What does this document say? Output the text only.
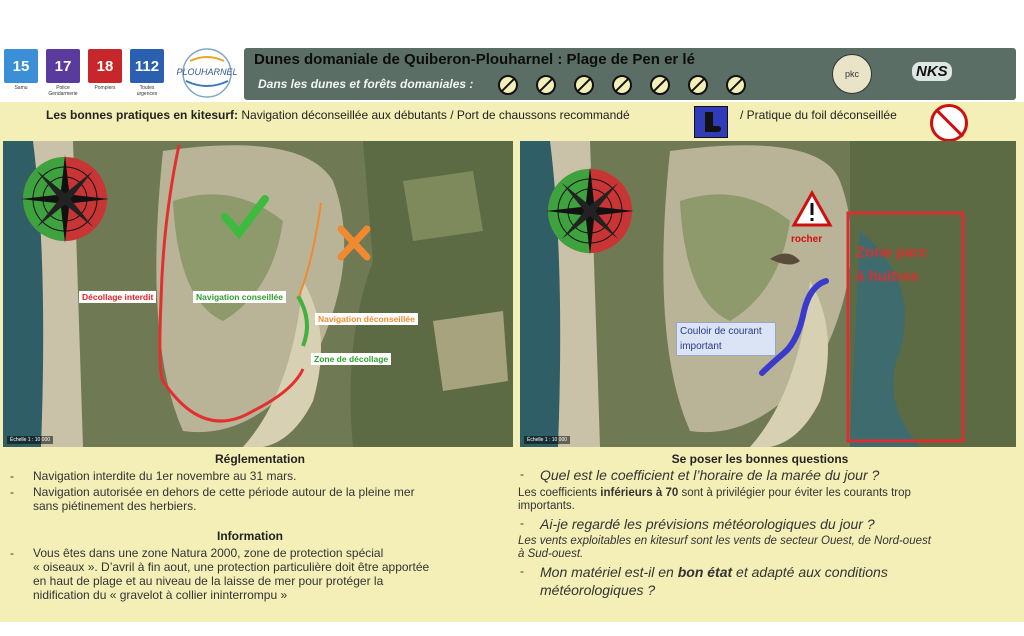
15
Samu
17
Police Gendarmerie
18
Pompiers
112
Toutes urgences
PLOUHARNEL
Dunes domaniale de Quiberon-Plouharnel : Plage de Pen er lé
Dans les dunes et forêts domaniales :
pkc	NKS
Les bonnes pratiques en kitesurf: Navigation déconseillée aux débutants / Port de chaussons recommandé	/ Pratique du foil déconseillée
Décollage interdit	Navigation conseillée
Navigation déconseillée
Zone de décollage
Échelle 1 : 10 000
rocher
Zone parc
à huitres
Couloir de courant
important
Échelle 1 : 10 000
Réglementation
- Navigation interdite du 1er novembre au 31 mars.
- Navigation autorisée en dehors de cette période autour de la pleine mer
sans piétinement des herbiers.
Information
- Vous êtes dans une zone Natura 2000, zone de protection spécial
« oiseaux ». D’avril à fin aout, une protection particulière doit être apportée
en haut de plage et au niveau de la laisse de mer pour protéger la
nidification du « gravelot à collier ininterrompu »
Se poser les bonnes questions
- Quel est le coefficient et l’horaire de la marée du jour ?
Les coefficients inférieurs à 70 sont à privilégier pour éviter les courants trop
importants.
- Ai-je regardé les prévisions météorologiques du jour ?
Les vents exploitables en kitesurf sont les vents de secteur Ouest, de Nord-ouest
à Sud-ouest.
- Mon matériel est-il en bon état et adapté aux conditions
météorologiques ?
